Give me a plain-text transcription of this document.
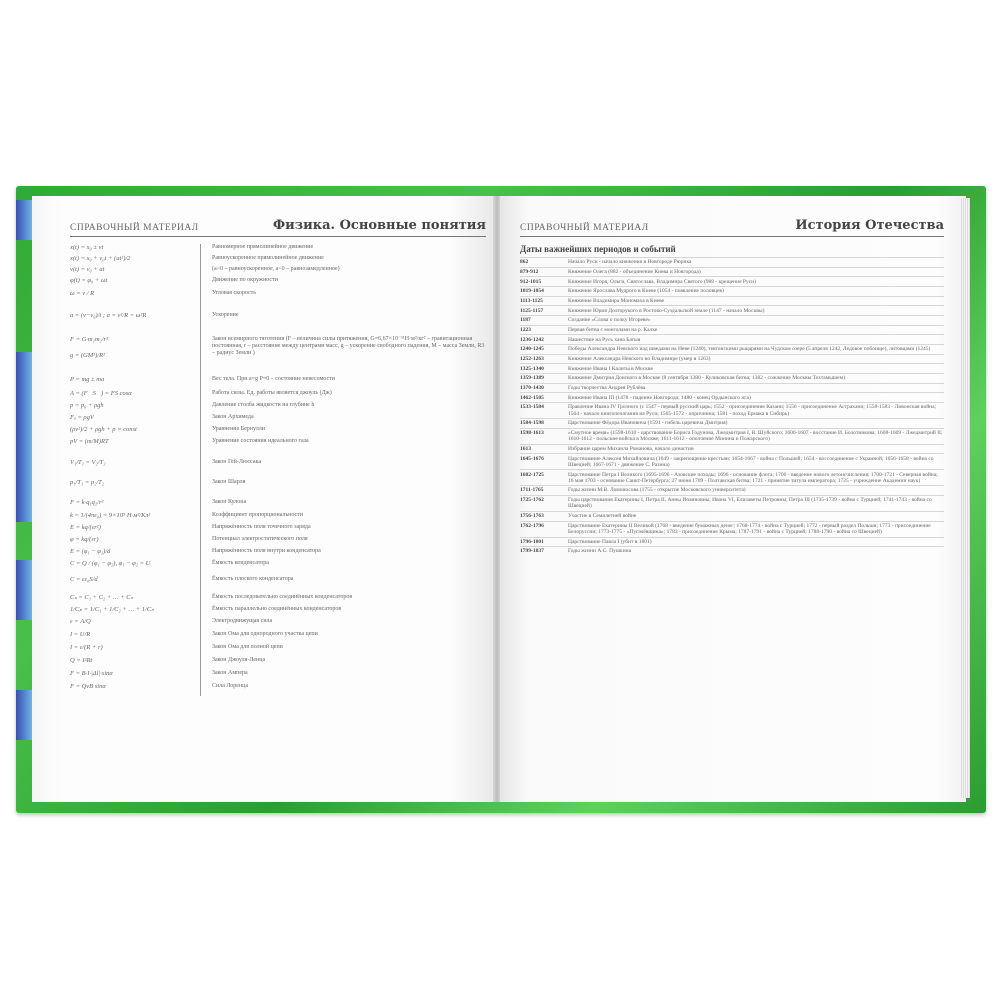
СПРАВОЧНЫЙ МАТЕРИАЛ	Физика. Основные понятия
x(t) = x₀ ± vt	Равномерное прямолинейное движение
x(t) = x₀ + v₀t + (at²)/2	Равноускоренное прямолинейное движение
v(t) = v₀ + at	(a>0 – равноускоренное, a<0 – равнозамедленное)
φ(t) = φ₀ + ωt	Движение по окружности
ω = v / R	Угловая скорость
a = (v−v₀)/t ; a = v²/R = ω²R	Ускорение
F = G·m₁m₂/r²	Закон всемирного тяготения (F – величина силы притяжения, G=6,67×10⁻¹¹Н·м²/кг² – гравитационная постоянная, r – расстояние между центрами масс, g – ускорение свободного падения, M – масса Земли, R3 – радиус Земли )
g = (GM³)/R²
P = mg ± ma	Вес тела. При a=g P=0 – состояние невесомости
A = (F⃗S⃗) = FS cosα	Работа силы. Ед. работы является джоуль (Дж)
p = p₀ + ρgh	Давление столба жидкости на глубине h
Fₐ = ρgV	Закон Архимеда
(ρv²)/2 + ρgh + p = const	Уравнение Бернулли
pV = (m/M)RT	Уравнение состояния идеального газа
V₁/T₁ = V₂/T₂	Закон Гей-Люссака
p₁/T₁ = p₂/T₂	Закон Шарля
F = k·q₁q₂/r²	Закон Кулона
k = 1/(4πε₀) = 9×10⁹ Н·м²/Кл²	Коэффициент пропорциональности
E = kq/(εr²)	Напряжённость поля точечного заряда
φ = kq/(εr)	Потенциал электростатического поля
E = (φ₁ − φ₂)/d	Напряжённость поля внутри конденсатора
C = Q / (φ₁ − φ₂), φ₁ − φ₂ = U	Ёмкость конденсатора
C = εε₀S/d	Ёмкость плоского конденсатора
Cₛ = C₁ + C₂ + … + Cₙ	Ёмкость последовательно соединённых конденсаторов
1/Cₚ = 1/C₁ + 1/C₂ + … + 1/Cₙ	Ёмкость параллельно соединённых конденсаторов
ε = A/Q	Электродвижущая сила
I = U/R	Закон Ома для однородного участка цепи
I = ε/(R + r)	Закон Ома для полной цепи
Q = I²Rt	Закон Джоуля-Ленца
F = B·I·|Δl|·sinα	Закон Ампера
F = QvB sinα	Сила Лоренца
СПРАВОЧНЫЙ МАТЕРИАЛ	История Отечества
Даты важнейших периодов и событий
862	Начало Руси - начало княжения в Новгороде Рюрика
879-912	Княжение Олега (882 - объединение Киева и Новгорода)
912-1015	Княжение Игоря, Ольги, Святослава, Владимира Святого (988 - крещение Руси)
1019-1054	Княжение Ярослава Мудрого в Киеве (1054 - появление половцев)
1113-1125	Княжение Владимира Мономаха в Киеве
1125-1157	Княжение Юрия Долгорукого в Ростово-Суздальской земле (1147 - начало Москвы)
1187	Создание «Слова о полку Игореве»
1223	Первая битва с монголами на р. Калке
1236-1242	Нашествие на Русь хана Батыя
1240-1245	Победы Александра Невского над шведами на Неве (1240), тевтонскими рыцарями на Чудском озере (5 апреля 1242, Ледовое побоище), литовцами (1245)
1252-1263	Княжение Александра Невского во Владимире (умер в 1263)
1325-1340	Княжение Ивана I Калиты в Москве
1359-1389	Княжение Дмитрия Донского в Москве (8 сентября 1380 - Куликовская битва; 1382 - сожжение Москвы Тохтамышем)
1370-1430	Годы творчества Андрея Рублёва
1462-1505	Княжение Ивана III (1478 - падение Новгорода; 1480 - конец Ордынского ига)
1533-1584	Правление Ивана IV Грозного (с 1547 - первый русский царь; 1552 - присоединение Казани; 1556 - присоединение Астрахани; 1558-1583 - Ливонская война; 1564 - начало книгопечатания на Руси; 1565-1572 - опричнина; 1581 - поход Ермака в Сибирь)
1584-1598	Царствование Фёдора Ивановича (1591 - гибель царевича Дмитрия)
1598-1613	«Смутное время» (1598-1610 - царствование Бориса Годунова, Лжедмитрия I, В. Шуйского; 1606-1607 - восстание И. Болотникова; 1608-1609 - Лжедмитрий II; 1610-1612 - польские войска в Москве; 1611-1612 - ополчение Минина и Пожарского)
1613	Избрание царем Михаила Романова, начало династии
1645-1676	Царствование Алексея Михайловича (1649 - закрепощение крестьян; 1654-1667 - война с Польшей; 1654 - воссоединение с Украиной; 1656-1658 - война со Швецией; 1667-1671 - движение С. Разина)
1682-1725	Царствование Петра I Великого (1695-1696 - Азовские походы; 1696 - основание флота; 1700 - введение нового летоисчисления; 1700-1721 - Северная война; 16 мая 1703 - основание Санкт-Петербурга; 27 июня 1709 - Полтавская битва; 1721 - принятие титула императора; 1725 - учреждение Академии наук)
1711-1765	Годы жизни М.В. Ломоносова (1755 - открытие Московского университета)
1725-1762	Годы царствования Екатерины I, Петра II, Анны Иоанновны, Ивана VI, Елизаветы Петровны, Петра III (1735-1739 - война с Турцией; 1741-1743 - война со Швецией)
1756-1763	Участие в Семилетней войне
1762-1796	Царствование Екатерины II Великой (1768 - введение бумажных денег; 1768-1774 - война с Турцией; 1772 - первый раздел Польши; 1773 - присоединение Белоруссии; 1773-1775 - «Пугачёвщина»; 1783 - присоединение Крыма; 1787-1791 - война с Турцией; 1788-1790 - война со Швецией)
1796-1801	Царствование Павла I (убит в 1801)
1799-1837	Годы жизни А.С. Пушкина
